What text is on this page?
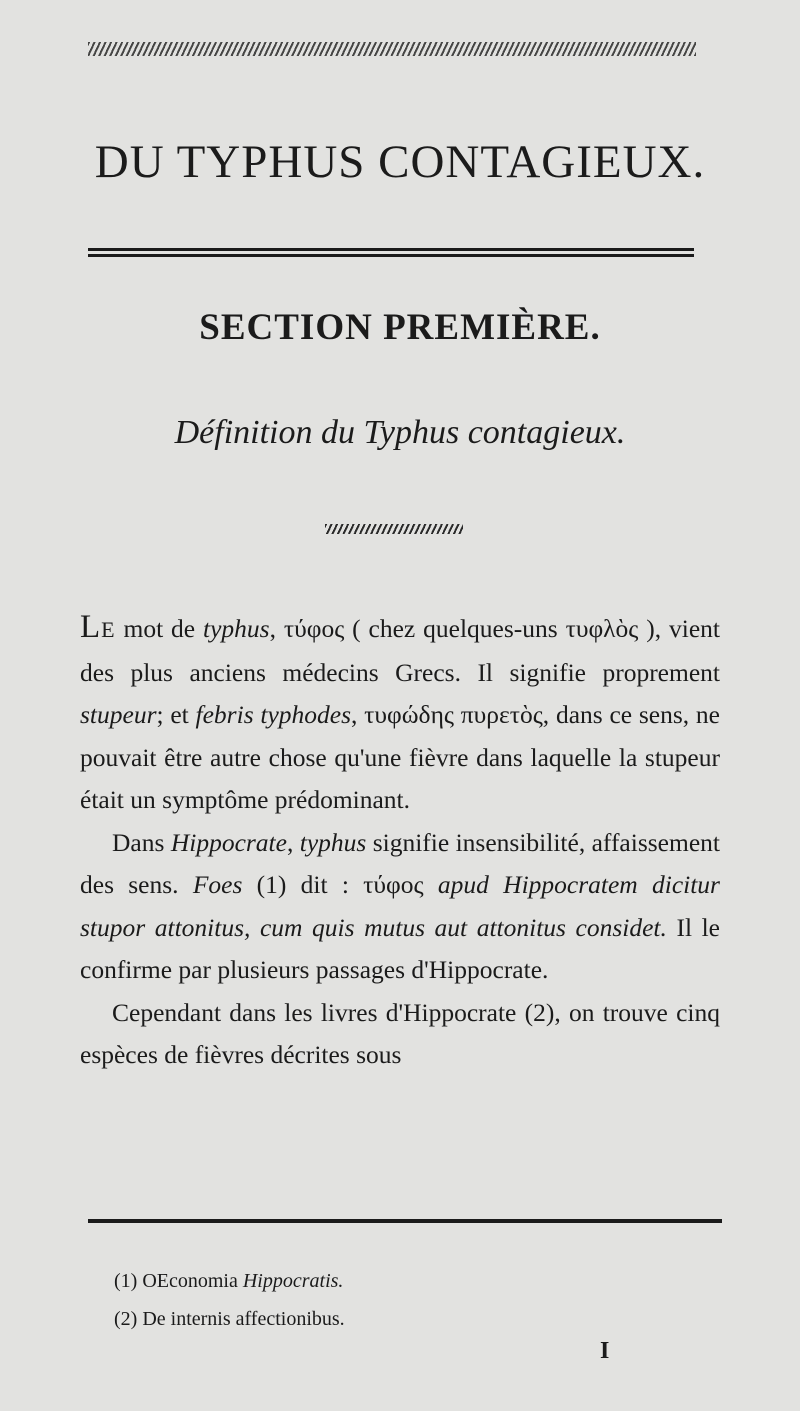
DU TYPHUS CONTAGIEUX.
SECTION PREMIÈRE.
Définition du Typhus contagieux.

LE mot de typhus, τύφος ( chez quelques-uns τυφλὸς ), vient des plus anciens médecins Grecs. Il signifie proprement stupeur; et febris typhodes, τυφώδης πυρετὸς, dans ce sens, ne pouvait être autre chose qu'une fièvre dans laquelle la stupeur était un symptôme prédominant.

Dans Hippocrate, typhus signifie insensibilité, affaissement des sens. Foes (1) dit : τύφος apud Hippocratem dicitur stupor attonitus, cum quis mutus aut attonitus considet. Il le confirme par plusieurs passages d'Hippocrate.

Cependant dans les livres d'Hippocrate (2), on trouve cinq espèces de fièvres décrites sous

(1) OEconomia Hippocratis.
(2) De internis affectionibus.
I
